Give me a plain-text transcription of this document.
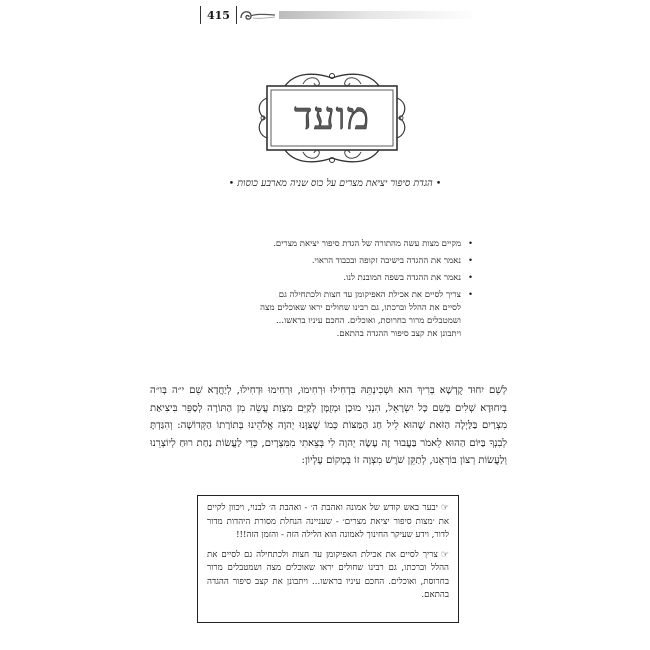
415
מועד
• הגדת סיפור יציאת מצרים על כוס שניה מארבע כוסות •
• מקיים מצות עשה מהתורה של הגדת סיפור יציאת מצרים.
• נאמר את ההגדה בישיבה זקופה ובכבוד הראוי.
• נאמר את ההגדה בשפה המובנת לנו.
• צריך לסיים את אכילת האפיקומן עד חצות ולכתחילה גם לסיים את ההלל וברכתו, גם רבינו שחולים יראו שאוכלים מצה ושמטבלים מרור בחרוסת, ואוכלים. החכם עיניו בראשו... ויתבונן את קצב סיפור ההגדה בהתאם.
לְשֵׁם יִחוּד קֻדְשָׁא בְּרִיךְ הוּא וּשְׁכִינְתֵּהּ בִּדְחִילוּ וּרְחִימוּ, וּרְחִימוּ וּדְחִילוּ, לְיַחֲדָא שֵׁם י״ה בְּו״ה בְּיִחוּדָא שְׁלִים בְּשֵׁם כָּל יִשְׂרָאֵל, הִנְנִי מוּכָן וּמְזֻמָּן לְקַיֵּם מִצְוַת עֲשֵׂה מִן הַתּוֹרָה לְסַפֵּר בִּיצִיאַת מִצְרַיִם בַּלַּיְלָה הַזֹּאת שֶׁהוּא לֵיל חַג הַמַּצּוֹת כְּמוֹ שֶׁצִּוָּנוּ יְהוָה אֱלֹהֵינוּ בְּתוֹרָתוֹ הַקְּדוֹשָׁה: וְהִגַּדְתָּ לְבִנְךָ בַּיּוֹם הַהוּא לֵאמֹר בַּעֲבוּר זֶה עָשָׂה יְהוָה לִי בְּצֵאתִי מִמִּצְרָיִם, כְּדֵי לַעֲשׂוֹת נַחַת רוּחַ לְיוֹצְרֵנוּ וְלַעֲשׂוֹת רְצוֹן בּוֹרְאֵנוּ, לְתַקֵּן שֹׁרֶשׁ מִצְוָה זוֹ בְּמָקוֹם עֶלְיוֹן:

☞יבער באש קודש של אמונה ואהבת ה׳ - ואהבת ה׳ לבנוי, ויכוון לקיים את ׳מצות סיפור יציאת מצרים׳ - שעניינה הנחלת מסורת היהדות מדור לדור, וידע שעיקר החינוך לאמונה הוא הלילה הזה - והזמן הזה!!!

☞צריך לסיים את אכילת האפיקומן עד חצות ולכתחילה גם לסיים את ההלל וברכתו, גם רבינו שחולים יראו שאוכלים מצה ושמטבלים מרור בחרוסת, ואוכלים. החכם עיניו בראשו... ויתבונן את קצב סיפור ההגדה בהתאם.
